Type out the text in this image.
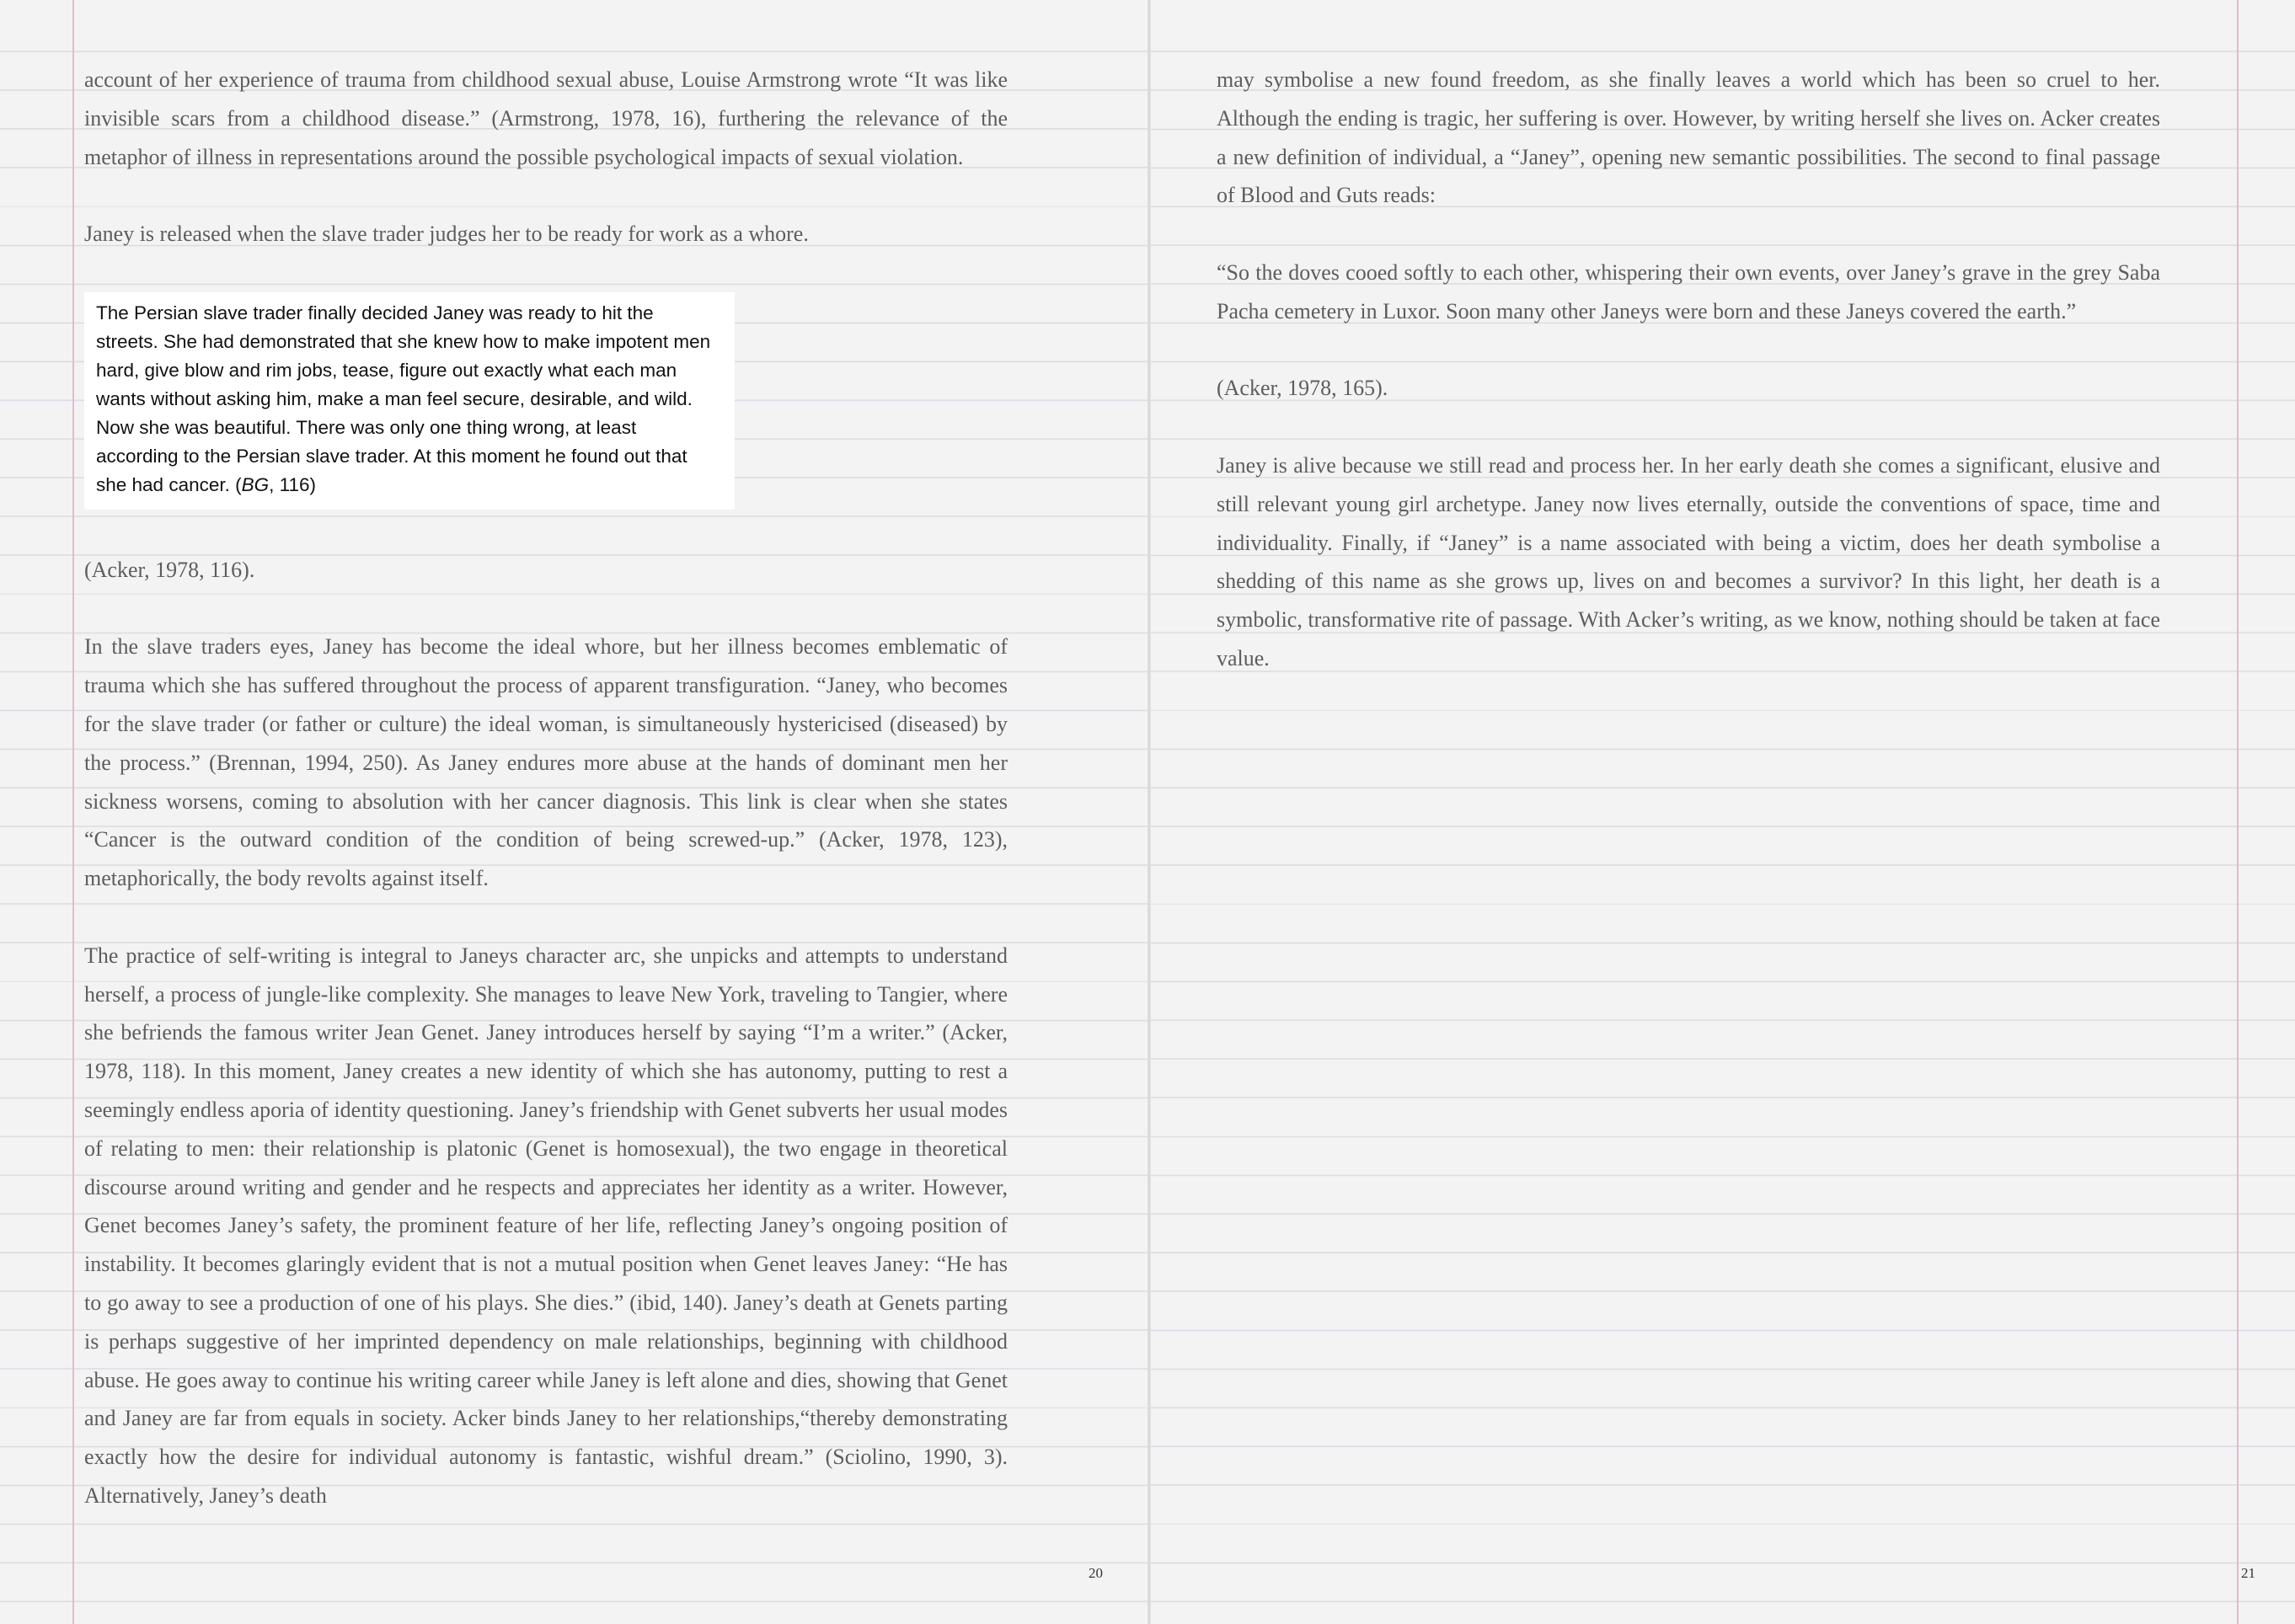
account of her experience of trauma from childhood sexual abuse, Louise Armstrong wrote “It was like invisible scars from a childhood disease.” (Armstrong, 1978, 16), furthering the relevance of the metaphor of illness in representations around the possible psychological impacts of sexual violation.

Janey is released when the slave trader judges her to be ready for work as a whore.

The Persian slave trader finally decided Janey was ready to hit the streets. She had demonstrated that she knew how to make impotent men hard, give blow and rim jobs, tease, figure out exactly what each man wants without asking him, make a man feel secure, desirable, and wild. Now she was beautiful. There was only one thing wrong, at least according to the Persian slave trader. At this moment he found out that she had cancer. (BG, 116)

(Acker, 1978, 116).

In the slave traders eyes, Janey has become the ideal whore, but her illness becomes emblematic of trauma which she has suffered throughout the process of apparent transfiguration. “Janey, who becomes for the slave trader (or father or culture) the ideal woman, is simultaneously hystericised (diseased) by the process.” (Brennan, 1994, 250). As Janey endures more abuse at the hands of dominant men her sickness worsens, coming to absolution with her cancer diagnosis. This link is clear when she states “Cancer is the outward condition of the condition of being screwed-up.” (Acker, 1978, 123), metaphorically, the body revolts against itself.

The practice of self-writing is integral to Janeys character arc, she unpicks and attempts to understand herself, a process of jungle-like complexity. She manages to leave New York, traveling to Tangier, where she befriends the famous writer Jean Genet. Janey introduces herself by saying “I’m a writer.” (Acker, 1978, 118). In this moment, Janey creates a new identity of which she has autonomy, putting to rest a seemingly endless aporia of identity questioning. Janey’s friendship with Genet subverts her usual modes of relating to men: their relationship is platonic (Genet is homosexual), the two engage in theoretical discourse around writing and gender and he respects and appreciates her identity as a writer. However, Genet becomes Janey’s safety, the prominent feature of her life, reflecting Janey’s ongoing position of instability. It becomes glaringly evident that is not a mutual position when Genet leaves Janey: “He has to go away to see a production of one of his plays. She dies.” (ibid, 140). Janey’s death at Genets parting is perhaps suggestive of her imprinted dependency on male relationships, beginning with childhood abuse. He goes away to continue his writing career while Janey is left alone and dies, showing that Genet and Janey are far from equals in society. Acker binds Janey to her relationships,“thereby demonstrating exactly how the desire for individual autonomy is fantastic, wishful dream.” (Sciolino, 1990, 3). Alternatively, Janey’s death

20

may symbolise a new found freedom, as she finally leaves a world which has been so cruel to her. Although the ending is tragic, her suffering is over. However, by writing herself she lives on. Acker creates a new definition of individual, a “Janey”, opening new semantic possibilities. The second to final passage of Blood and Guts reads:

“So the doves cooed softly to each other, whispering their own events, over Janey’s grave in the grey Saba Pacha cemetery in Luxor. Soon many other Janeys were born and these Janeys covered the earth.”

(Acker, 1978, 165).

Janey is alive because we still read and process her. In her early death she comes a significant, elusive and still relevant young girl archetype. Janey now lives eternally, outside the conventions of space, time and individuality. Finally, if “Janey” is a name associated with being a victim, does her death symbolise a shedding of this name as she grows up, lives on and becomes a survivor? In this light, her death is a symbolic, transformative rite of passage. With Acker’s writing, as we know, nothing should be taken at face value.

21
